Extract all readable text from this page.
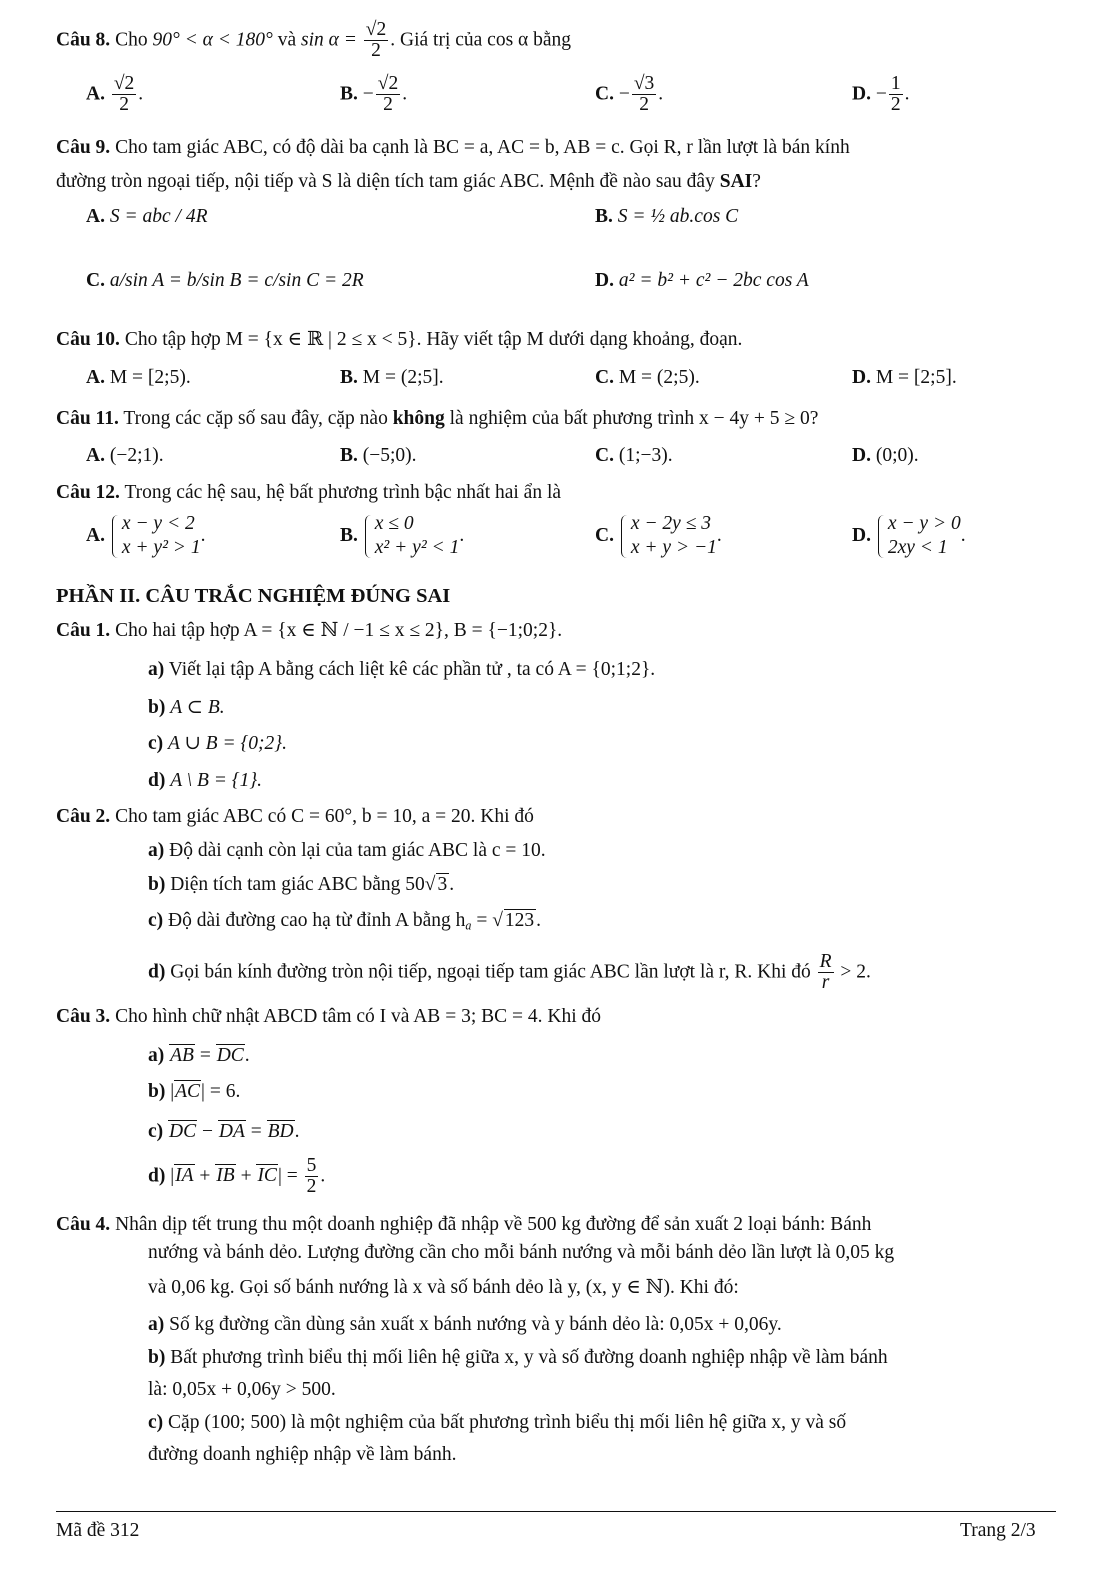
Câu 8. Cho 90° < α < 180° và $\sin \alpha = \frac{√2}{2}$ . Giá trị của cos α bằng
A. $\frac{√2}{2}$ .	B. − $\frac{√2}{2}$ .	C. − $\frac{√3}{2}$ .	D. − $\frac{1}{2}$ .
Câu 9. Cho tam giác ABC, có độ dài ba cạnh là BC = a, AC = b, AB = c. Gọi R, r lần lượt là bán kính
đường tròn ngoại tiếp, nội tiếp và S là diện tích tam giác ABC. Mệnh đề nào sau đây SAI?
A. S = abc / 4R	B. S = ½ ab.cos C
C. a/sin A = b/sin B = c/sin C = 2R	D. a² = b² + c² − 2bc cos A
Câu 10. Cho tập hợp M = {x ∈ ℝ | 2 ≤ x < 5}. Hãy viết tập M dưới dạng khoảng, đoạn.
A. M = [2;5).	B. M = (2;5].	C. M = (2;5).	D. M = [2;5].
Câu 11. Trong các cặp số sau đây, cặp nào không là nghiệm của bất phương trình x − 4y + 5 ≥ 0?
A. (−2;1).	B. (−5;0).	C. (1;−3).	D. (0;0).
Câu 12. Trong các hệ sau, hệ bất phương trình bậc nhất hai ẩn là
A.
x − y < 2
x + y² > 1
.	B.
x ≤ 0
x² + y² < 1
.	C.
x − 2y ≤ 3
x + y > −1
.	D.
x − y > 0
2xy < 1
.
PHẦN II. CÂU TRẮC NGHIỆM ĐÚNG SAI
Câu 1. Cho hai tập hợp A = {x ∈ ℕ / −1 ≤ x ≤ 2}, B = {−1;0;2}.
a) Viết lại tập A bằng cách liệt kê các phần tử , ta có A = {0;1;2}.
b) A ⊂ B.
c) A ∪ B = {0;2}.
d) A \ B = {1}.
Câu 2. Cho tam giác ABC có C = 60°, b = 10, a = 20. Khi đó
a) Độ dài cạnh còn lại của tam giác ABC là c = 10.
b) Diện tích tam giác ABC bằng 50√ 3 .
c) Độ dài đường cao hạ từ đỉnh A bằng $h_a$ = √ 123 .
d) Gọi bán kính đường tròn nội tiếp, ngoại tiếp tam giác ABC lần lượt là r, R. Khi đó $\frac{R}{r} > 2$.
Câu 3. Cho hình chữ nhật ABCD tâm có I và AB = 3; BC = 4. Khi đó
a) AB = DC.
b) |AC| = 6.
c) DC − DA = BD.
d) |IA + IB + $IC| = \frac{5}{2}$ .
Câu 4. Nhân dịp tết trung thu một doanh nghiệp đã nhập về 500 kg đường để sản xuất 2 loại bánh: Bánh
nướng và bánh dẻo. Lượng đường cần cho mỗi bánh nướng và mỗi bánh dẻo lần lượt là 0,05 kg
và 0,06 kg. Gọi số bánh nướng là x và số bánh dẻo là y, (x, y ∈ ℕ). Khi đó:
a) Số kg đường cần dùng sản xuất x bánh nướng và y bánh dẻo là: 0,05x + 0,06y.
b) Bất phương trình biểu thị mối liên hệ giữa x, y và số đường doanh nghiệp nhập về làm bánh
là: 0,05x + 0,06y > 500.
c) Cặp (100; 500) là một nghiệm của bất phương trình biểu thị mối liên hệ giữa x, y và số
đường doanh nghiệp nhập về làm bánh.
Mã đề 312	Trang 2/3
